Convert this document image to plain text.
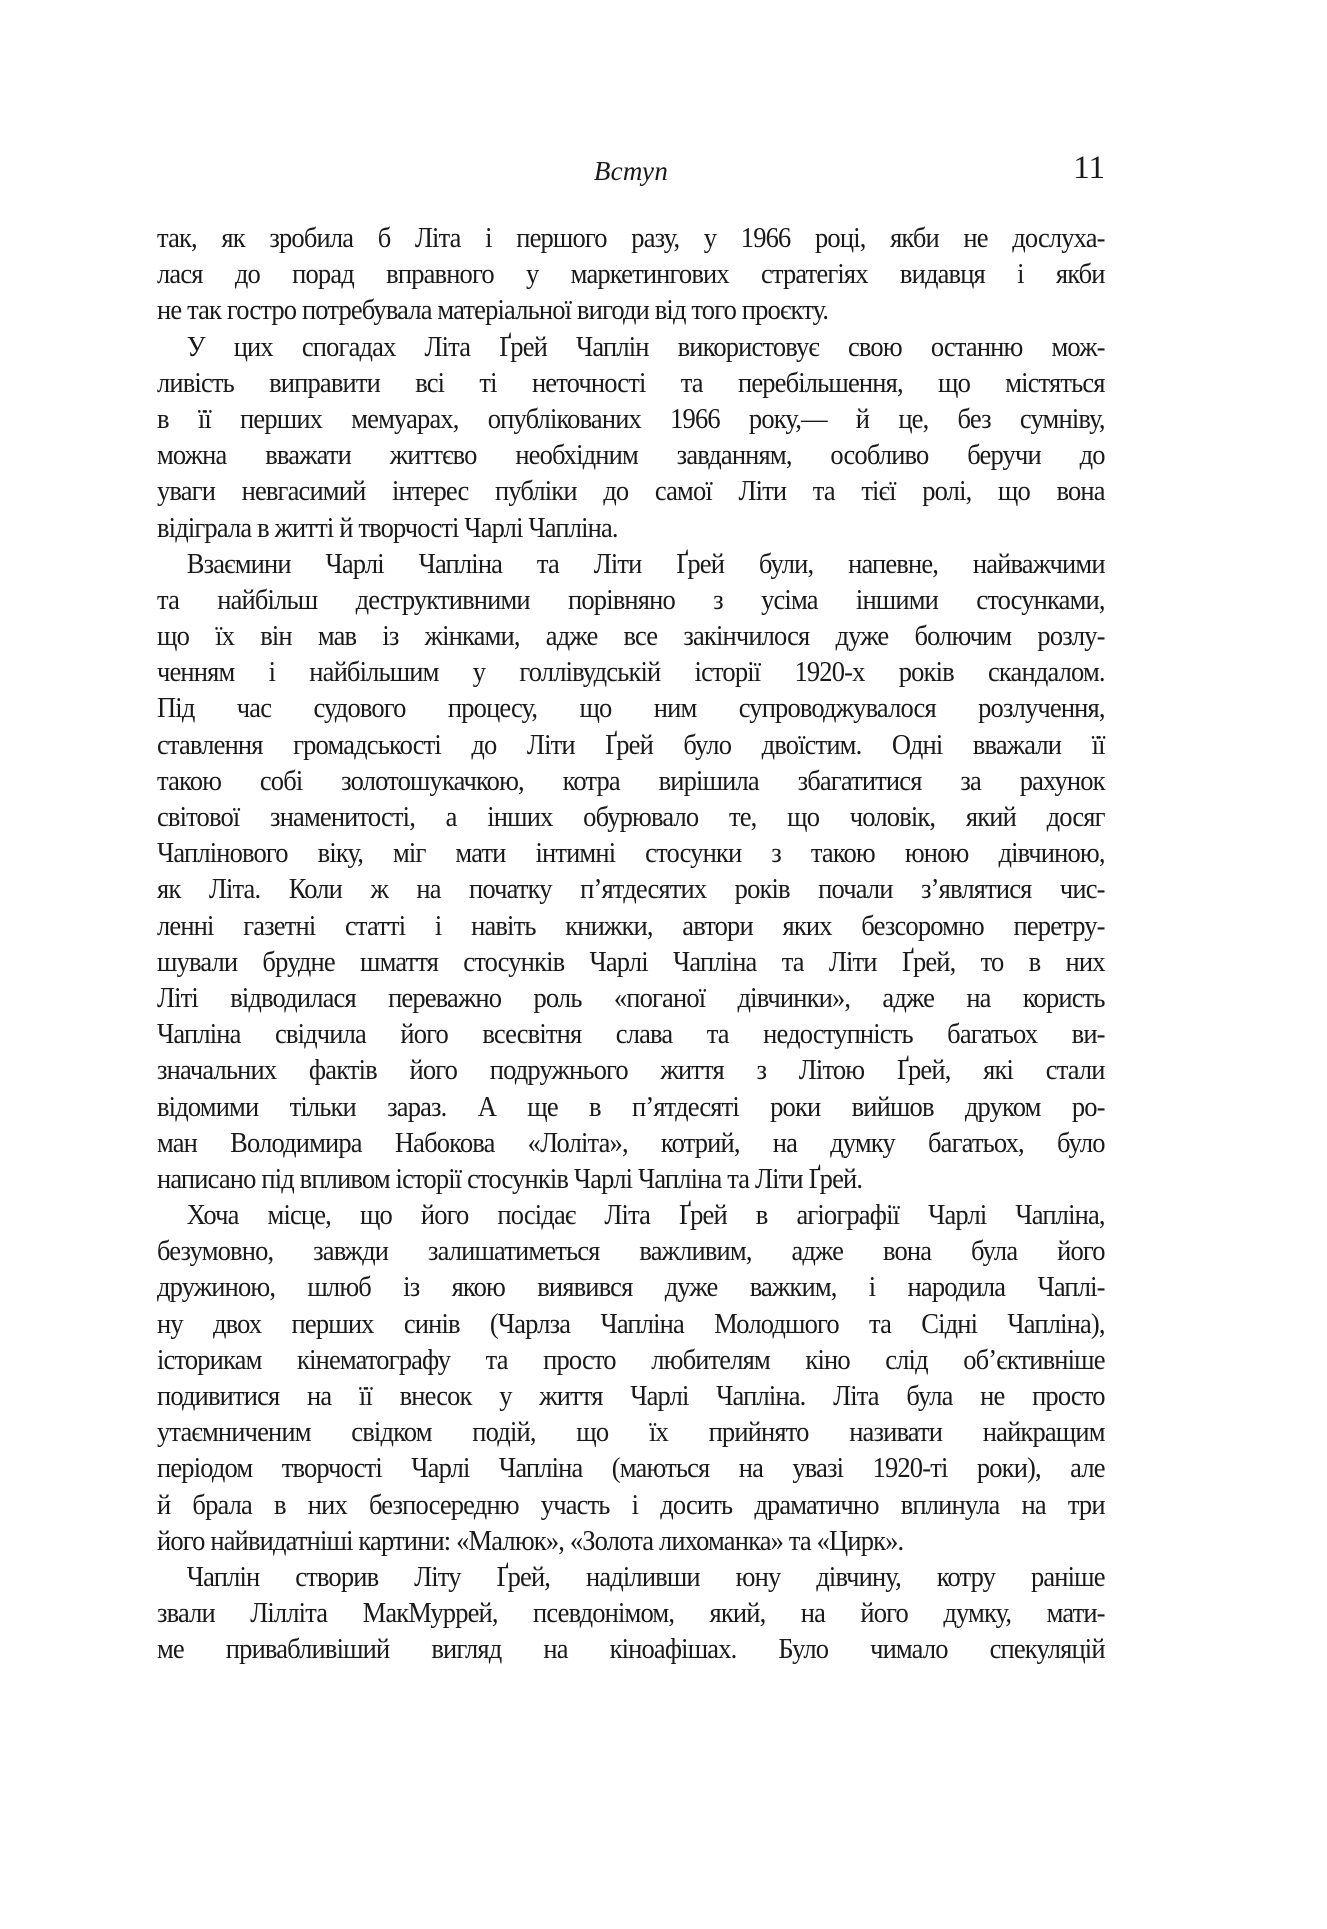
Вступ	11
так, як зробила б Літа і першого разу, у 1966 році, якби не дослуха-
лася до порад вправного у маркетингових стратегіях видавця і якби
не так гостро потребувала матеріальної вигоди від того проєкту.
У цих спогадах Літа Ґрей Чаплін використовує свою останню мож-
ливість виправити всі ті неточності та перебільшення, що містяться
в її перших мемуарах, опублікованих 1966 року,— й це, без сумніву,
можна вважати життєво необхідним завданням, особливо беручи до
уваги невгасимий інтерес публіки до самої Літи та тієї ролі, що вона
відіграла в житті й творчості Чарлі Чапліна.
Взаємини Чарлі Чапліна та Літи Ґрей були, напевне, найважчими
та найбільш деструктивними порівняно з усіма іншими стосунками,
що їх він мав із жінками, адже все закінчилося дуже болючим розлу-
ченням і найбільшим у голлівудській історії 1920-х років скандалом.
Під час судового процесу, що ним супроводжувалося розлучення,
ставлення громадськості до Літи Ґрей було двоїстим. Одні вважали її
такою собі золотошукачкою, котра вирішила збагатитися за рахунок
світової знаменитості, а інших обурювало те, що чоловік, який досяг
Чаплінового віку, міг мати інтимні стосунки з такою юною дівчиною,
як Літа. Коли ж на початку п’ятдесятих років почали з’являтися чис-
ленні газетні статті і навіть книжки, автори яких безсоромно перетру-
шували брудне шмаття стосунків Чарлі Чапліна та Літи Ґрей, то в них
Літі відводилася переважно роль «поганої дівчинки», адже на користь
Чапліна свідчила його всесвітня слава та недоступність багатьох ви-
значальних фактів його подружнього життя з Літою Ґрей, які стали
відомими тільки зараз. А ще в п’ятдесяті роки вийшов друком ро-
ман Володимира Набокова «Лоліта», котрий, на думку багатьох, було
написано під впливом історії стосунків Чарлі Чапліна та Літи Ґрей.
Хоча місце, що його посідає Літа Ґрей в агіографії Чарлі Чапліна,
безумовно, завжди залишатиметься важливим, адже вона була його
дружиною, шлюб із якою виявився дуже важким, і народила Чаплі-
ну двох перших синів (Чарлза Чапліна Молодшого та Сідні Чапліна),
історикам кінематографу та просто любителям кіно слід об’єктивніше
подивитися на її внесок у життя Чарлі Чапліна. Літа була не просто
утаємниченим свідком подій, що їх прийнято називати найкращим
періодом творчості Чарлі Чапліна (маються на увазі 1920-ті роки), але
й брала в них безпосередню участь і досить драматично вплинула на три
його найвидатніші картини: «Малюк», «Золота лихоманка» та «Цирк».
Чаплін створив Літу Ґрей, наділивши юну дівчину, котру раніше
звали Лілліта МакМуррей, псевдонімом, який, на його думку, мати-
ме привабливіший вигляд на кіноафішах. Було чимало спекуляцій
